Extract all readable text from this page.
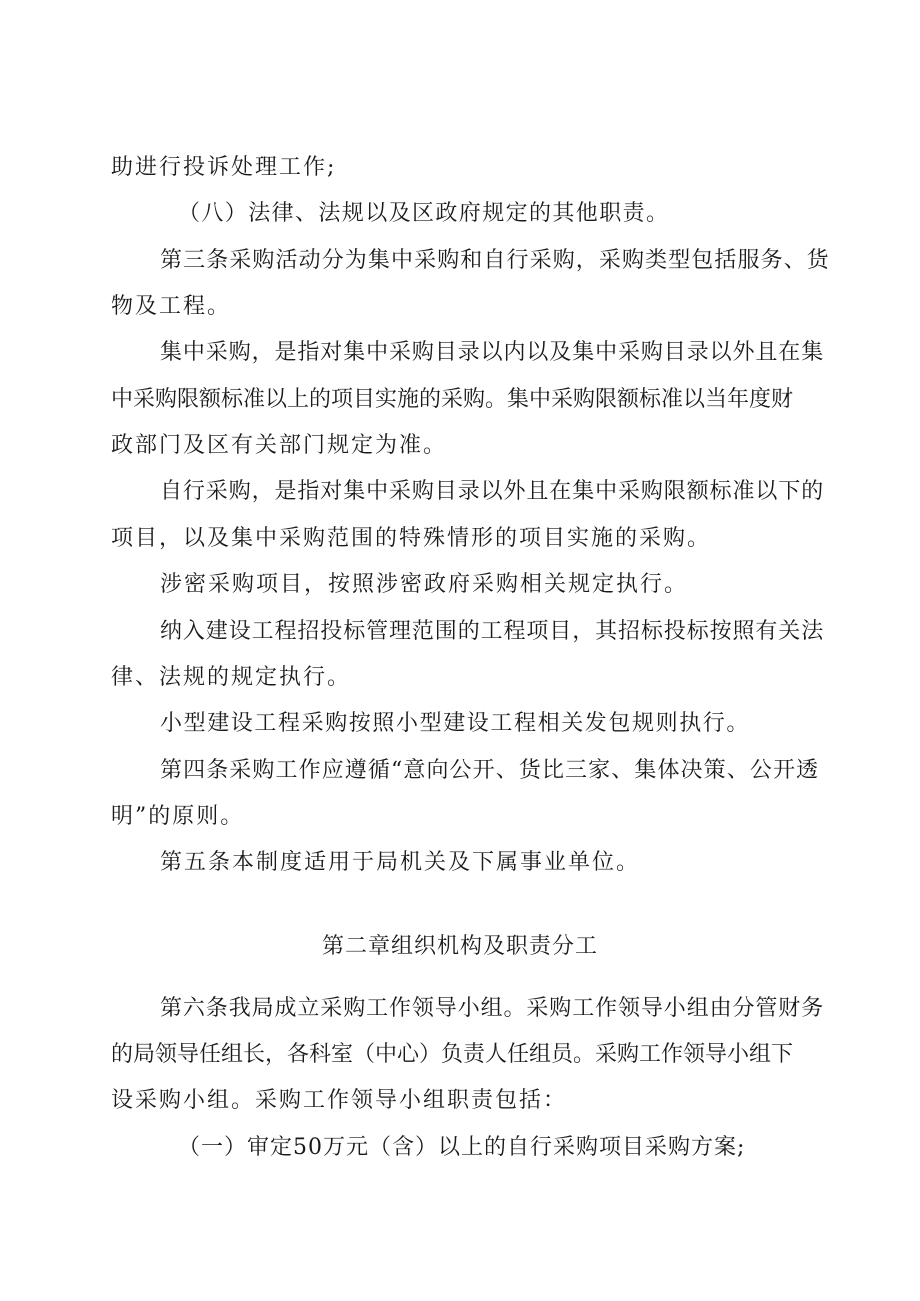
助进行投诉处理工作;
（八）法律、法规以及区政府规定的其他职责。
第三条采购活动分为集中采购和自行采购，采购类型包括服务、货
物及工程。
集中采购，是指对集中采购目录以内以及集中采购目录以外且在集
中采购限额标准以上的项目实施的采购。集中采购限额标准以当年度财
政部门及区有关部门规定为准。
自行采购，是指对集中采购目录以外且在集中采购限额标准以下的
项目，以及集中采购范围的特殊情形的项目实施的采购。
涉密采购项目，按照涉密政府采购相关规定执行。
纳入建设工程招投标管理范围的工程项目，其招标投标按照有关法
律、法规的规定执行。
小型建设工程采购按照小型建设工程相关发包规则执行。
第四条采购工作应遵循“意向公开、货比三家、集体决策、公开透
明”的原则。
第五条本制度适用于局机关及下属事业单位。
第二章组织机构及职责分工
第六条我局成立采购工作领导小组。采购工作领导小组由分管财务
的局领导任组长，各科室（中心）负责人任组员。采购工作领导小组下
设采购小组。采购工作领导小组职责包括：
（一）审定50万元（含）以上的自行采购项目采购方案;
